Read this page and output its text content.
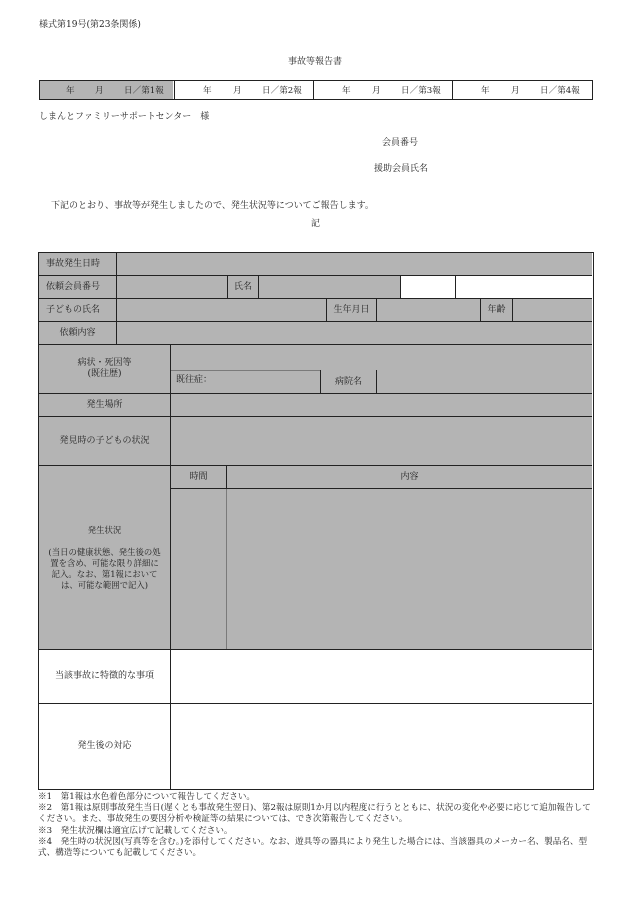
様式第19号(第23条関係)
事故等報告書
年 月 日／第1報	年 月 日／第2報	年 月 日／第3報	年 月 日／第4報
しまんとファミリーサポートセンター　様
会員番号
援助会員氏名
下記のとおり、事故等が発生しましたので、発生状況等についてご報告します。
記
事故発生日時
依頼会員番号	氏名
子どもの氏名	生年月日	年齢
依頼内容
病状・死因等
(既往歴)
既往症：	病院名
発生場所
発見時の子どもの状況
時間	内容
発生状況
(当日の健康状態、発生後の処置を含め、可能な限り詳細に記入。なお、第1報においては、可能な範囲で記入)
当該事故に特徴的な事項
発生後の対応
※1　第1報は水色着色部分について報告してください。
※2　第1報は原則事故発生当日(遅くとも事故発生翌日)、第2報は原則1か月以内程度に行うとともに、状況の変化や必要に応じて追加報告してください。また、事故発生の要因分析や検証等の結果については、でき次第報告してください。
※3　発生状況欄は適宜広げて記載してください。
※4　発生時の状況図(写真等を含む。)を添付してください。なお、遊具等の器具により発生した場合には、当該器具のメーカー名、製品名、型式、構造等についても記載してください。
